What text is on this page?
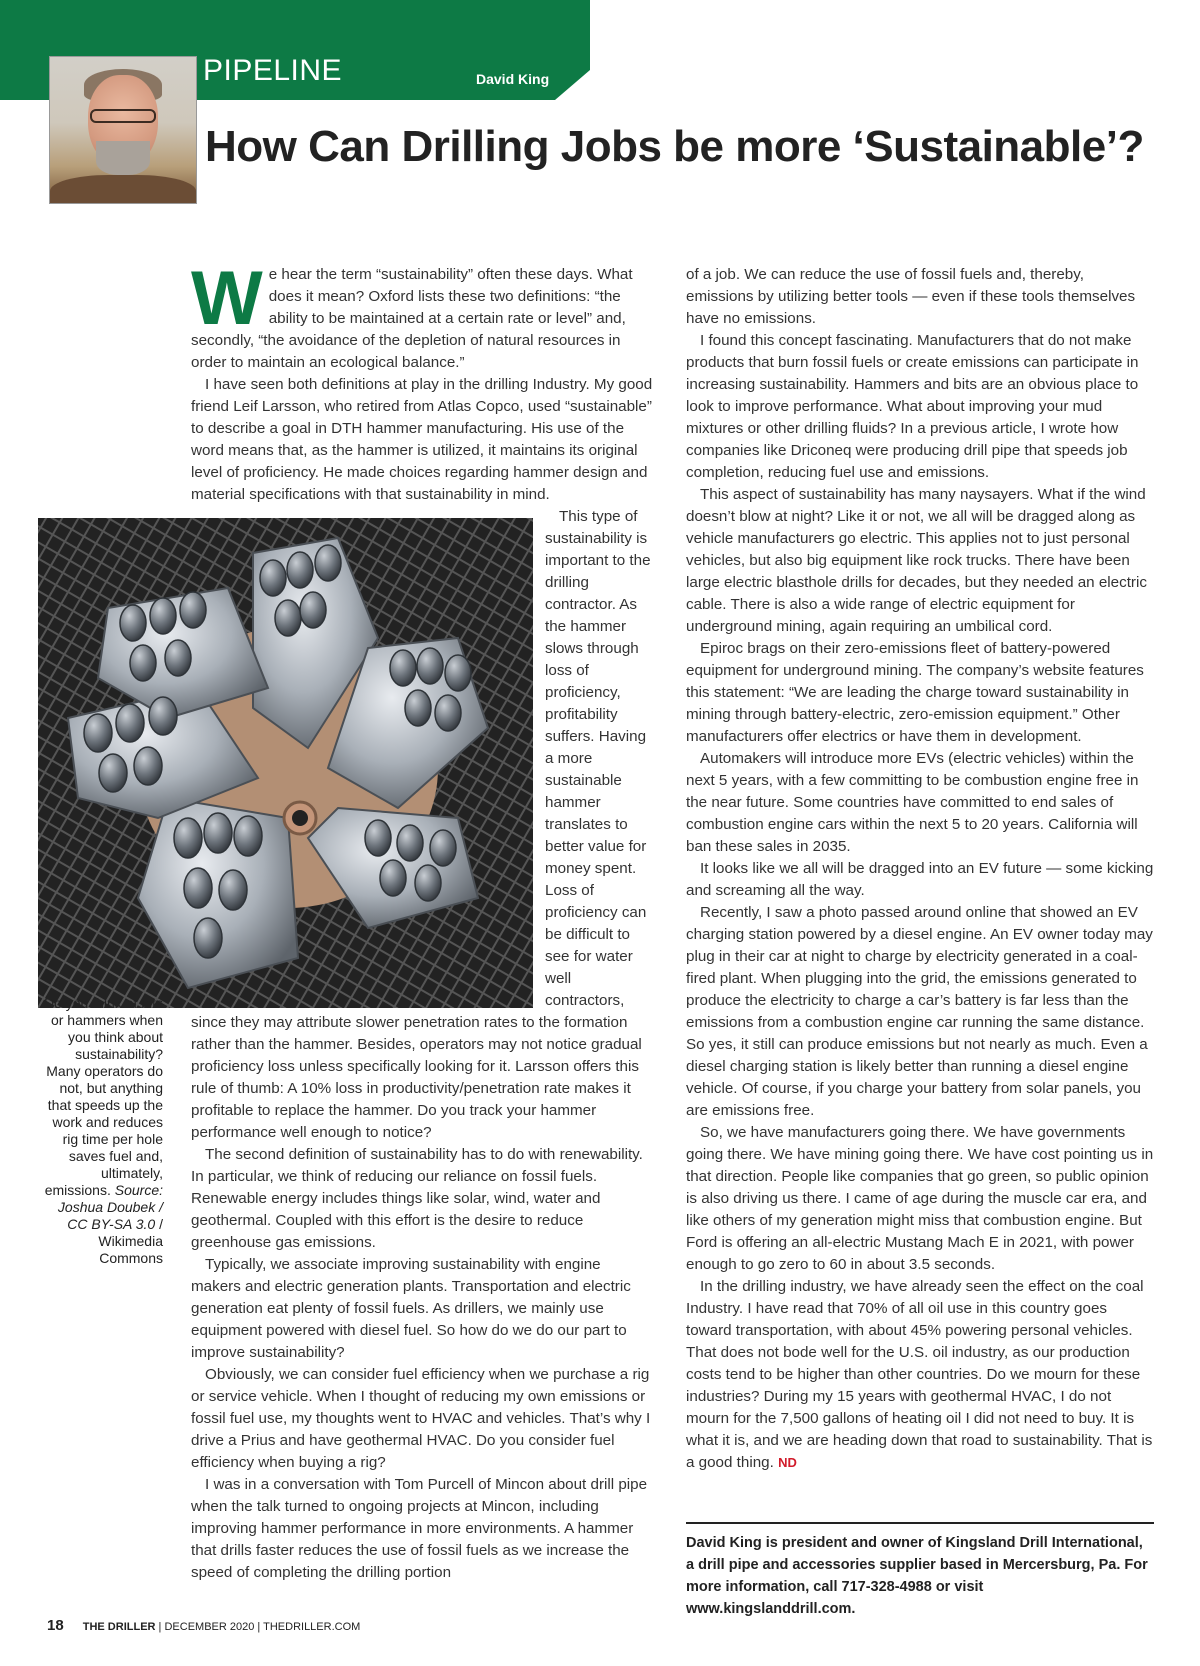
PIPELINE	David King
How Can Drilling Jobs be more ‘Sustainable’?
W e hear the term “sustainability” often these days. What does it mean? Oxford lists these two definitions: “the ability to be maintained at a certain rate or level” and, secondly, “the avoidance of the depletion of natural resources in order to maintain an ecological balance.”

I have seen both definitions at play in the drilling Industry. My good friend Leif Larsson, who retired from Atlas Copco, used “sustainable” to describe a goal in DTH hammer manufacturing. His use of the word means that, as the hammer is utilized, it maintains its original level of proficiency. He made choices regarding hammer design and material specifications with that sustainability in mind.

This type of sustainability is important to the drilling contractor. As the hammer slows through loss of proficiency, profitability suffers. Having a more sustainable hammer translates to better value for money spent. Loss of proficiency can be difficult to see for water well contractors, since they may attribute slower penetration rates to the formation rather than the hammer. Besides, operators may not notice gradual proficiency loss unless specifically looking for it. Larsson offers this rule of thumb: A 10% loss in productivity/penetration rate makes it profitable to replace the hammer. Do you track your hammer performance well enough to notice?

The second definition of sustainability has to do with renewability. In particular, we think of reducing our reliance on fossil fuels. Renewable energy includes things like solar, wind, water and geothermal. Coupled with this effort is the desire to reduce greenhouse gas emissions.

Typically, we associate improving sustainability with engine makers and electric generation plants. Transportation and electric generation eat plenty of fossil fuels. As drillers, we mainly use equipment powered with diesel fuel. So how do we do our part to improve sustainability?

Obviously, we can consider fuel efficiency when we purchase a rig or service vehicle. When I thought of reducing my own emissions or fossil fuel use, my thoughts went to HVAC and vehicles. That’s why I drive a Prius and have geothermal HVAC. Do you consider fuel efficiency when buying a rig?

I was in a conversation with Tom Purcell of Mincon about drill pipe when the talk turned to ongoing projects at Mincon, including improving hammer performance in more environments. A hammer that drills faster reduces the use of fossil fuels as we increase the speed of completing the drilling portion

of a job. We can reduce the use of fossil fuels and, thereby, emissions by utilizing better tools — even if these tools themselves have no emissions.

I found this concept fascinating. Manufacturers that do not make products that burn fossil fuels or create emissions can participate in increasing sustainability. Hammers and bits are an obvious place to look to improve performance. What about improving your mud mixtures or other drilling fluids? In a previous article, I wrote how companies like Driconeq were producing drill pipe that speeds job completion, reducing fuel use and emissions.

This aspect of sustainability has many naysayers. What if the wind doesn’t blow at night? Like it or not, we all will be dragged along as vehicle manufacturers go electric. This applies not to just personal vehicles, but also big equipment like rock trucks. There have been large electric blasthole drills for decades, but they needed an electric cable. There is also a wide range of electric equipment for underground mining, again requiring an umbilical cord.

Epiroc brags on their zero-emissions fleet of battery-powered equipment for underground mining. The company’s website features this statement: “We are leading the charge toward sustainability in mining through battery-electric, zero-emission equipment.” Other manufacturers offer electrics or have them in development.

Automakers will introduce more EVs (electric vehicles) within the next 5 years, with a few committing to be combustion engine free in the near future. Some countries have committed to end sales of combustion engine cars within the next 5 to 20 years. California will ban these sales in 2035.

It looks like we all will be dragged into an EV future — some kicking and screaming all the way.

Recently, I saw a photo passed around online that showed an EV charging station powered by a diesel engine. An EV owner today may plug in their car at night to charge by electricity generated in a coal-fired plant. When plugging into the grid, the emissions generated to produce the electricity to charge a car’s battery is far less than the emissions from a combustion engine car running the same distance. So yes, it still can produce emissions but not nearly as much. Even a diesel charging station is likely better than running a diesel engine vehicle. Of course, if you charge your battery from solar panels, you are emissions free.

So, we have manufacturers going there. We have governments going there. We have mining going there. We have cost pointing us in that direction. People like companies that go green, so public opinion is also driving us there. I came of age during the muscle car era, and like others of my generation might miss that combustion engine. But Ford is offering an all-electric Mustang Mach E in 2021, with power enough to go zero to 60 in about 3.5 seconds.

In the drilling industry, we have already seen the effect on the coal Industry. I have read that 70% of all oil use in this country goes toward transportation, with about 45% powering personal vehicles. That does not bode well for the U.S. oil industry, as our production costs tend to be higher than other countries. Do we mourn for these industries? During my 15 years with geothermal HVAC, I do not mourn for the 7,500 gallons of heating oil I did not need to buy. It is what it is, and we are heading down that road to sustainability. That is a good thing. ND

Do you think of bits or hammers when you think about sustainability? Many operators do not, but anything that speeds up the work and reduces rig time per hole saves fuel and, ultimately, emissions. Source: Joshua Doubek / CC BY-SA 3.0 / Wikimedia Commons
David King is president and owner of Kingsland Drill International, a drill pipe and accessories supplier based in Mercersburg, Pa. For more information, call 717-328-4988 or visit www.kingslanddrill.com.
18 THE DRILLER | DECEMBER 2020 | THEDRILLER.COM
